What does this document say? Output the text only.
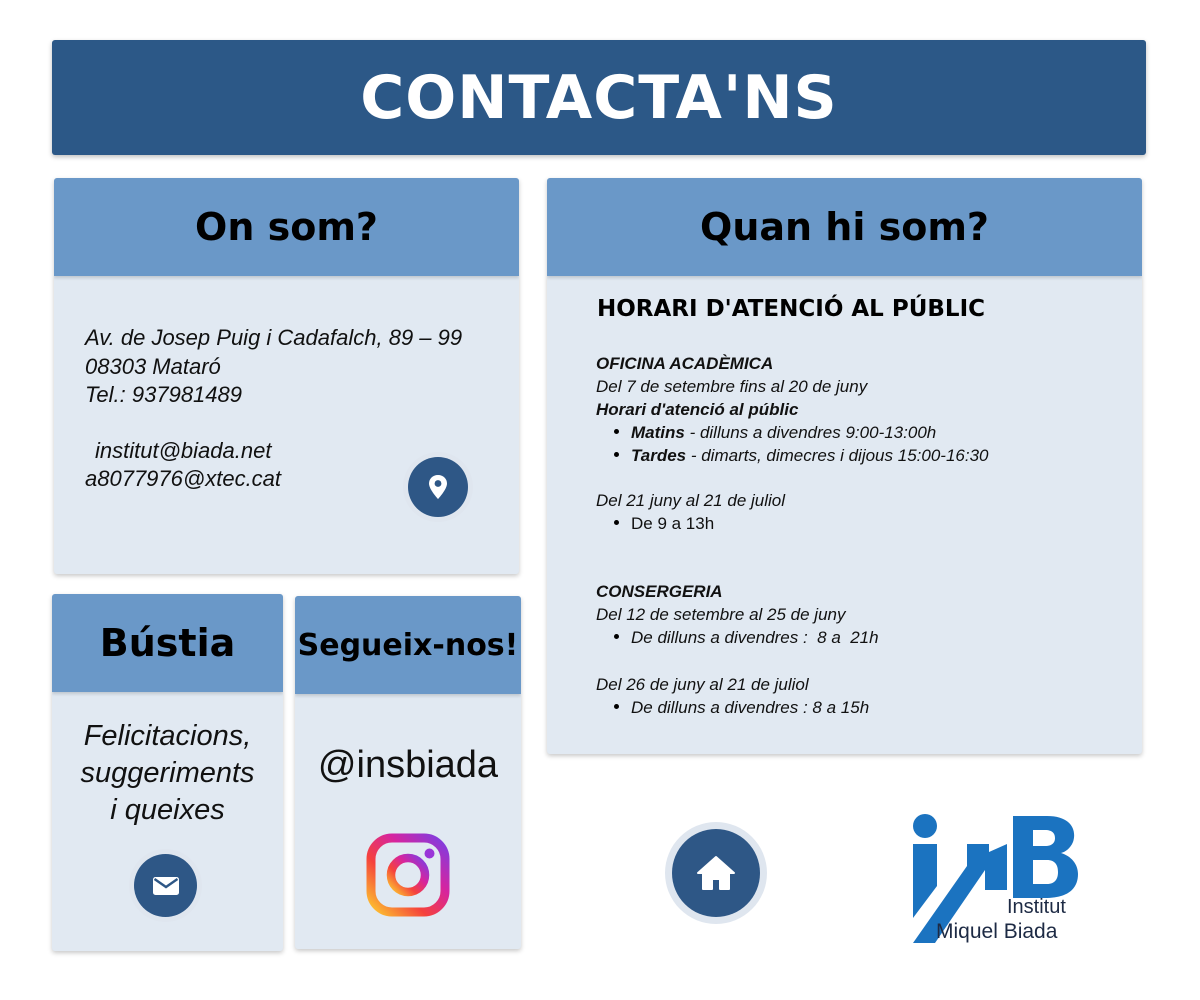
CONTACTA'NS
On som?
Av. de Josep Puig i Cadafalch, 89 – 99
08303 Mataró
Tel.: 937981489
institut@biada.net
a8077976@xtec.cat
Bústia
Felicitacions,
suggeriments
i queixes
Segueix-nos!
@insbiada
Quan hi som?
HORARI D'ATENCIÓ AL PÚBLIC
OFICINA ACADÈMICA
Del 7 de setembre fins al 20 de juny
Horari d'atenció al públic
Matins - dilluns a divendres 9:00-13:00h
Tardes - dimarts, dimecres i dijous 15:00-16:30
Del 21 juny al 21 de juliol
De 9 a 13h
CONSERGERIA
Del 12 de setembre al 25 de juny
De dilluns a divendres :  8 a  21h
Del 26 de juny al 21 de juliol
De dilluns a divendres : 8 a 15h
Institut
Miquel Biada
